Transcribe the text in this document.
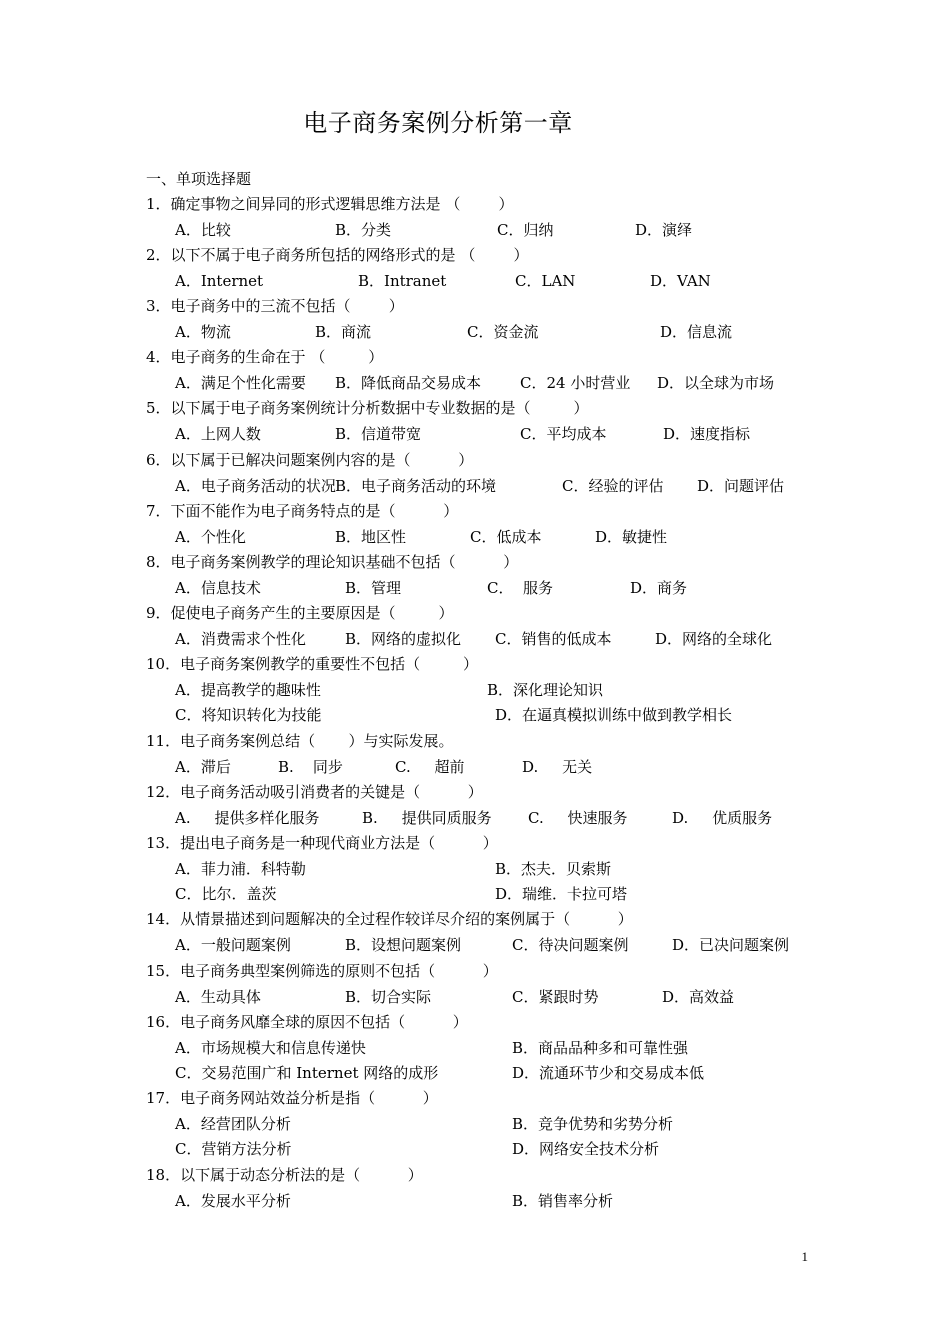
电子商务案例分析第一章
一、单项选择题
1．确定事物之间异同的形式逻辑思维方法是 （        ）
A．比较	B．分类	C．归纳	D．演绎
2．以下不属于电子商务所包括的网络形式的是 （        ）
A．Internet	B．Intranet	C．LAN	D．VAN
3．电子商务中的三流不包括（        ）
A．物流	B．商流	C．资金流	D．信息流
4．电子商务的生命在于 （         ）
A．满足个性化需要 B．降低商品交易成本	C．24 小时营业 D．以全球为市场
5．以下属于电子商务案例统计分析数据中专业数据的是（         ）
A．上网人数	B．信道带宽	C．平均成本	D．速度指标
6．以下属于已解决问题案例内容的是（          ）
A．电子商务活动的状况 B．电子商务活动的环境	C．经验的评估 D．问题评估
7．下面不能作为电子商务特点的是（          ）
A．个性化	B．地区性	C．低成本	D．敏捷性
8．电子商务案例教学的理论知识基础不包括（          ）
A．信息技术	B．管理	C．  服务	D．商务
9．促使电子商务产生的主要原因是（         ）
A．消费需求个性化	B．网络的虚拟化 C．销售的低成本	D．网络的全球化
10．电子商务案例教学的重要性不包括（         ）
A．提高教学的趣味性	B．深化理论知识
C．将知识转化为技能	D．在逼真模拟训练中做到教学相长
11．电子商务案例总结（       ）与实际发展。
A．滞后	B.    同步	C.     超前	D.     无关
12．电子商务活动吸引消费者的关键是（          ）
A.     提供多样化服务	B.     提供同质服务 C.     快速服务	D.     优质服务
13．提出电子商务是一种现代商业方法是（          ）
A．菲力浦．科特勒	B．杰夫．贝索斯
C．比尔．盖茨	D．瑞维．卡拉可塔
14．从情景描述到问题解决的全过程作较详尽介绍的案例属于（          ）
A．一般问题案例	B．设想问题案例	C．待决问题案例	D．已决问题案例
15．电子商务典型案例筛选的原则不包括（          ）
A．生动具体	B．切合实际	C．紧跟时势	D．高效益
16．电子商务风靡全球的原因不包括（          ）
A．市场规模大和信息传递快	B．商品品种多和可靠性强
C．交易范围广和 Internet 网络的成形	D．流通环节少和交易成本低
17．电子商务网站效益分析是指（          ）
A．经营团队分析	B．竞争优势和劣势分析
C．营销方法分析	D．网络安全技术分析
18．以下属于动态分析法的是（          ）
A．发展水平分析	B．销售率分析
1
